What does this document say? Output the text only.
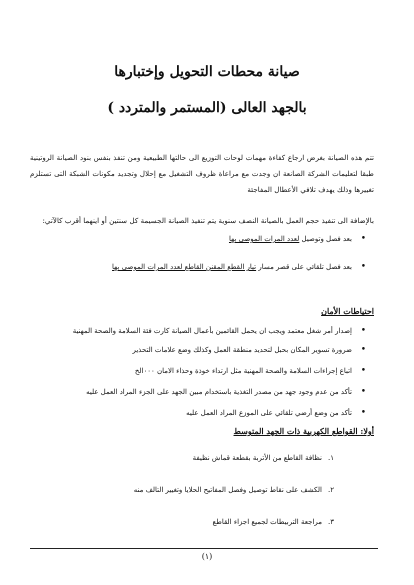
صيانة محطات التحويل وإختبارها
بالجهد العالى (المستمر والمتردد )

تتم هذه الصيانة بغرض ارجاع كفاءة مهمات لوحات التوزيع الى حالتها الطبيعية ومن تنفذ بنفس بنود الصيانة الروتينية طبقا لتعليمات الشركة الصانعة ان وجدت مع مراعاة ظروف التشغيل مع إحلال وتجديد مكونات الشبكة التى تستلزم تغييرها وذلك يهدف تلافي الأعطال المفاجئة

بالإضافة الى تنفيذ حجم العمل بالصيانة النصف سنوية يتم تنفيذ الصيانة الجسيمة كل سنتين أو اينهما أقرب كالآتي:

• بعد فصل وتوصيل لعدد المرات الموصى بها
• بعد فصل تلقائي على قصر مسار تيار القطع المقنن القاطع لعدد المرات الموصى بها
احتياطات الأمان
• إصدار أمر شغل معتمد ويجب ان يحمل القائمين بأعمال الصيانة كارت فئة السلامة والصحة المهنية
• ضرورة تسوير المكان بحبل لتحديد منطقة العمل وكذلك وضع علامات التحذير
• اتباع إجراءات السلامة والصحة المهنية مثل ارتداء خوذة وحذاء الامان ٠٠٠الخ
• تأكد من عدم وجود جهد من مصدر التغذية باستخدام مبين الجهد على الجزء المراد العمل عليه
• تأكد من وضع أرضي تلقائي على الموزع المراد العمل عليه
أولا: القواطع الكهربية ذات الجهد المتوسط
١.
نظافة القاطع من الأتربة بقطعة قماش نظيفة
٢.
الكشف على نقاط توصيل وفصل المفاتيح الحلايا وتغيير التالف منه
٣.
مراجعة التربيطات لجميع اجزاء القاطع
(١)
